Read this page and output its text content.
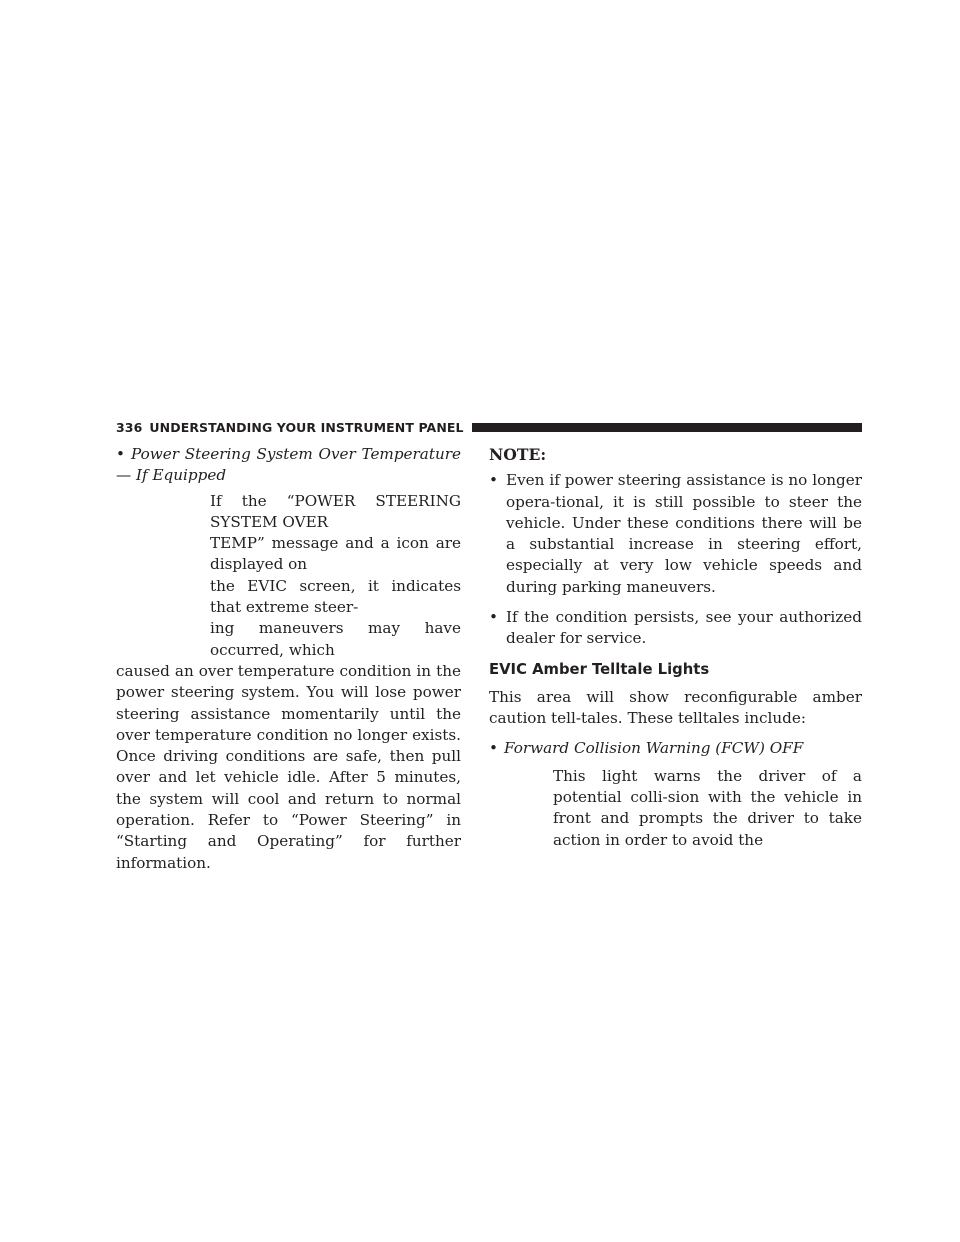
336 UNDERSTANDING YOUR INSTRUMENT PANEL

• Power Steering System Over Temperature — If Equipped

If the “POWER STEERING SYSTEM OVER
TEMP” message and a icon are displayed on
the EVIC screen, it indicates that extreme steer-
ing maneuvers may have occurred, which

caused an over temperature condition in the power steering system. You will lose power steering assistance momentarily until the over temperature condition no longer exists. Once driving conditions are safe, then pull over and let vehicle idle. After 5 minutes, the system will cool and return to normal operation. Refer to “Power Steering” in “Starting and Operating” for further information.

NOTE:

• Even if power steering assistance is no longer opera-tional, it is still possible to steer the vehicle. Under these conditions there will be a substantial increase in steering effort, especially at very low vehicle speeds and during parking maneuvers.

• If the condition persists, see your authorized dealer for service.

EVIC Amber Telltale Lights

This area will show reconfigurable amber caution tell-tales. These telltales include:

• Forward Collision Warning (FCW) OFF

This light warns the driver of a potential colli-sion with the vehicle in front and prompts the driver to take action in order to avoid the
